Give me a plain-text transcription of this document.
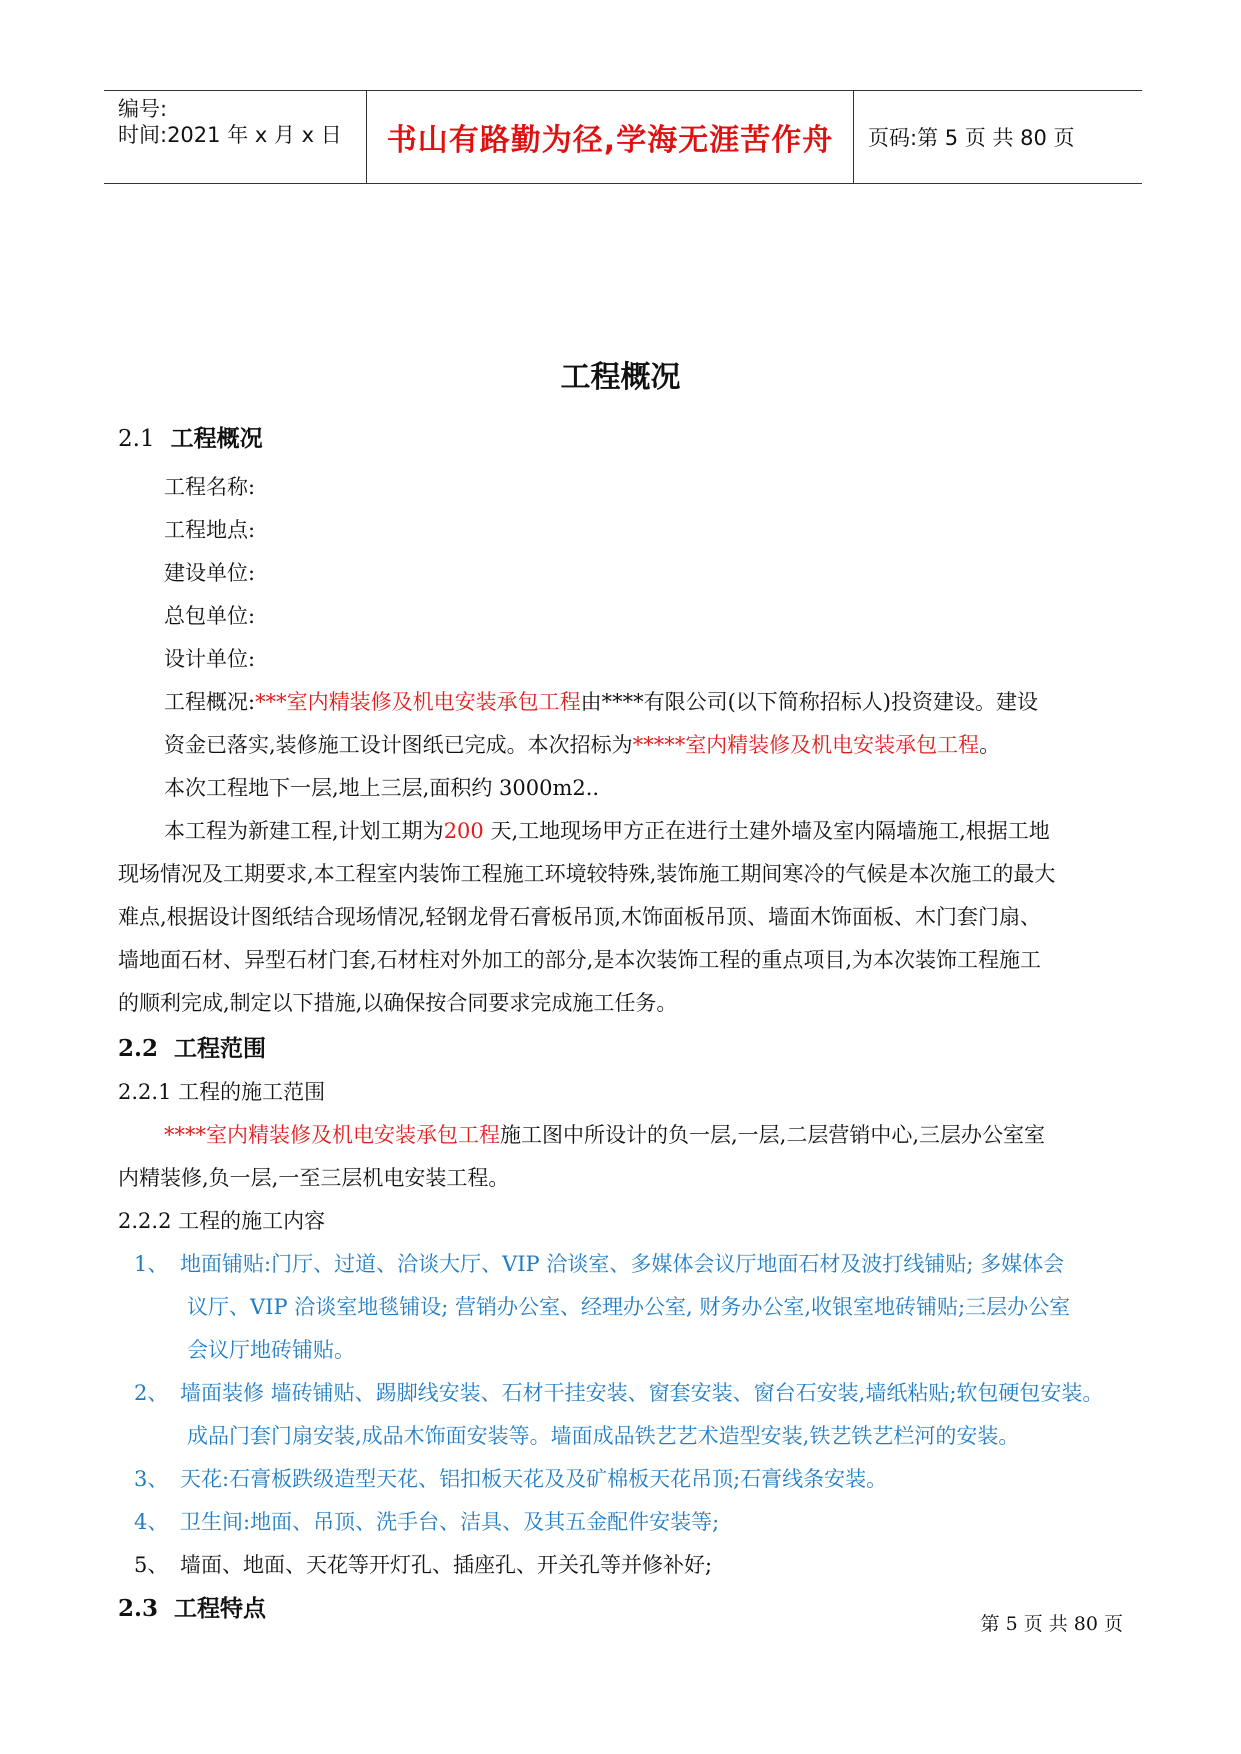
编号:
时间:2021 年 x 月 x 日 书山有路勤为径,学海无涯苦作舟 页码:第 5 页 共 80 页
工程概况
2.1 工程概况
工程名称:
工程地点:
建设单位:
总包单位:
设计单位:
工程概况:***室内精装修及机电安装承包工程由****有限公司(以下简称招标人)投资建设。建设
资金已落实,装修施工设计图纸已完成。本次招标为*****室内精装修及机电安装承包工程。
本次工程地下一层,地上三层,面积约 3000m2..
本工程为新建工程,计划工期为200 天,工地现场甲方正在进行土建外墙及室内隔墙施工,根据工地
现场情况及工期要求,本工程室内装饰工程施工环境较特殊,装饰施工期间寒冷的气候是本次施工的最大
难点,根据设计图纸结合现场情况,轻钢龙骨石膏板吊顶,木饰面板吊顶、墙面木饰面板、木门套门扇、
墙地面石材、异型石材门套,石材柱对外加工的部分,是本次装饰工程的重点项目,为本次装饰工程施工
的顺利完成,制定以下措施,以确保按合同要求完成施工任务。
2.2 工程范围
2.2.1 工程的施工范围
****室内精装修及机电安装承包工程施工图中所设计的负一层,一层,二层营销中心,三层办公室室
内精装修,负一层,一至三层机电安装工程。
2.2.2 工程的施工内容
1、 地面铺贴:门厅、过道、洽谈大厅、VIP 洽谈室、多媒体会议厅地面石材及波打线铺贴; 多媒体会
议厅、VIP 洽谈室地毯铺设; 营销办公室、经理办公室, 财务办公室,收银室地砖铺贴;三层办公室
会议厅地砖铺贴。
2、 墙面装修 墙砖铺贴、踢脚线安装、石材干挂安装、窗套安装、窗台石安装,墙纸粘贴;软包硬包安装。
成品门套门扇安装,成品木饰面安装等。墙面成品铁艺艺术造型安装,铁艺铁艺栏河的安装。
3、 天花:石膏板跌级造型天花、铝扣板天花及及矿棉板天花吊顶;石膏线条安装。
4、 卫生间:地面、吊顶、洗手台、洁具、及其五金配件安装等;
5、 墙面、地面、天花等开灯孔、插座孔、开关孔等并修补好;
2.3 工程特点
第 5 页 共 80 页
